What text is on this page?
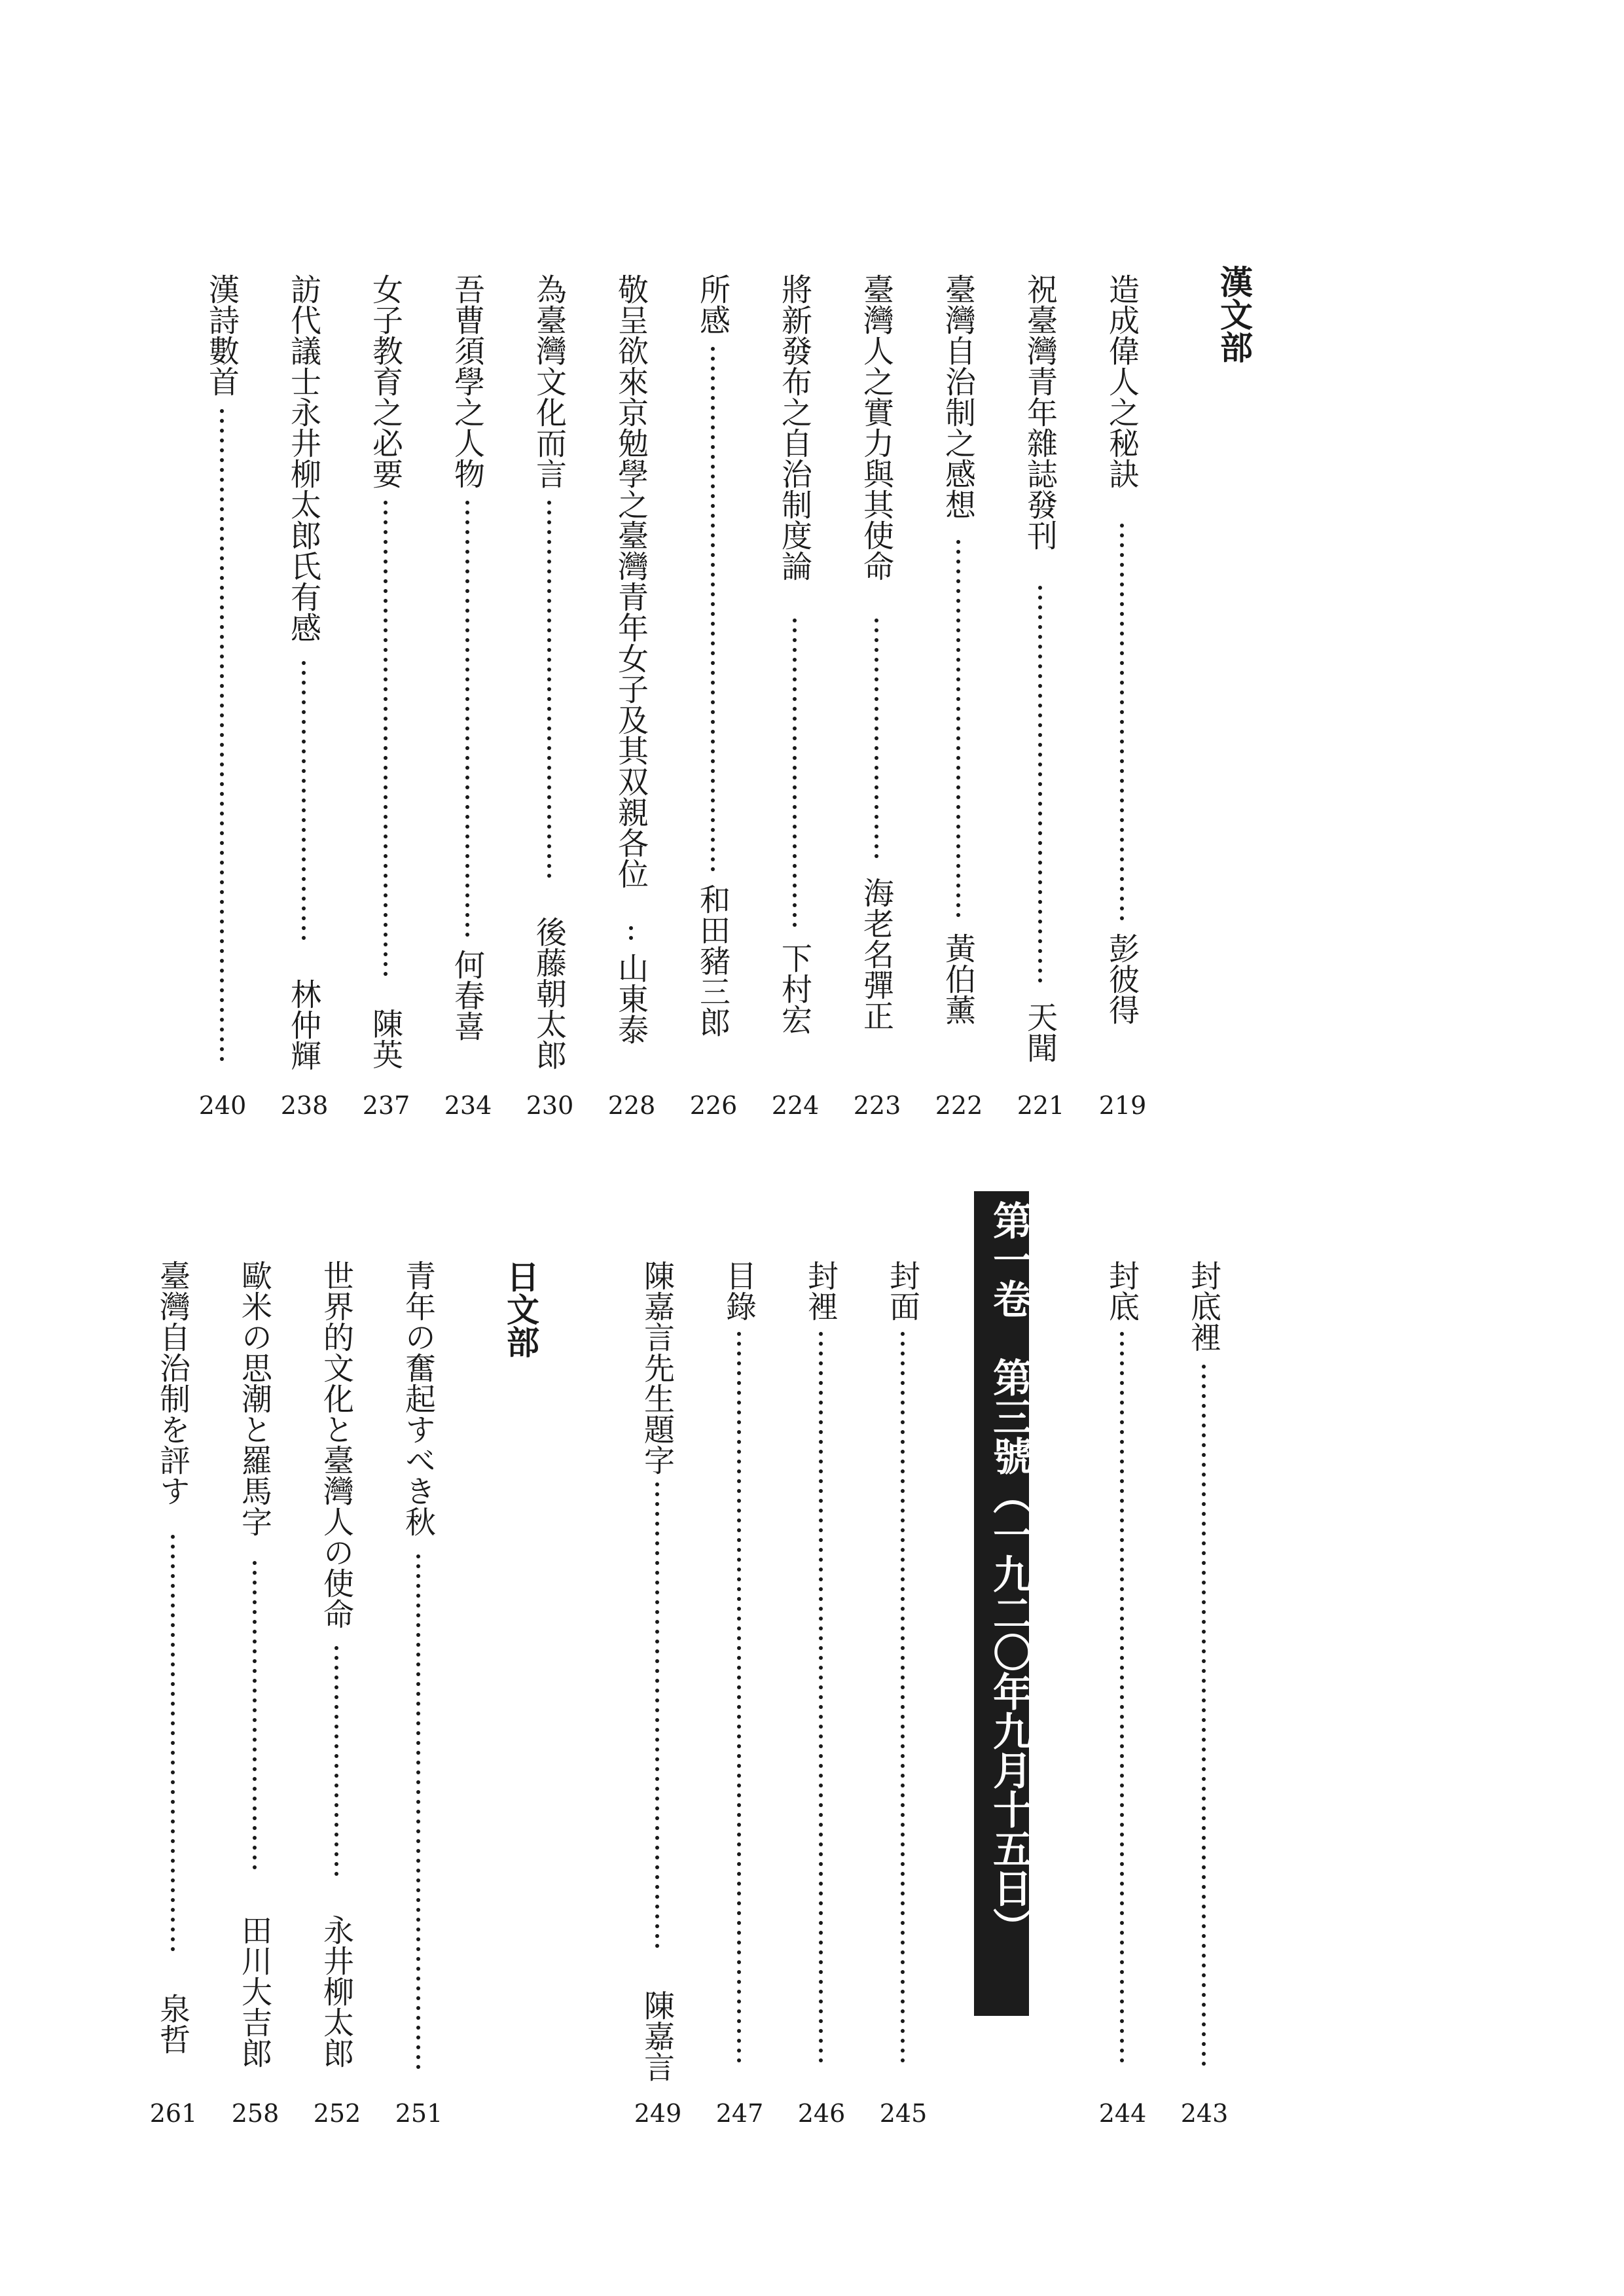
漢文部
造成偉人之秘訣
彭彼得
219
祝臺灣青年雜誌發刊
天聞
221
臺灣自治制之感想
黃伯薰
222
臺灣人之實力與其使命
海老名彈正
223
將新發布之自治制度論
下村宏
224
所感
和田豬三郎
226
敬呈欲來京勉學之臺灣青年女子及其双親各位
山東泰
228
為臺灣文化而言
後藤朝太郎
230
吾曹須學之人物
何春喜
234
女子教育之必要
陳英
237
訪代議士永井柳太郎氏有感
林仲輝
238
漢詩數首
240
封底裡
243
封底
244
第一卷　第三號（一九二〇年九月十五日）
封面
245
封裡
246
目錄
247
陳嘉言先生題字
陳嘉言
249
日文部
青年の奮起すべき秋
251
世界的文化と臺灣人の使命
永井柳太郎
252
歐米の思潮と羅馬字
田川大吉郎
258
臺灣自治制を評す
泉哲
261
